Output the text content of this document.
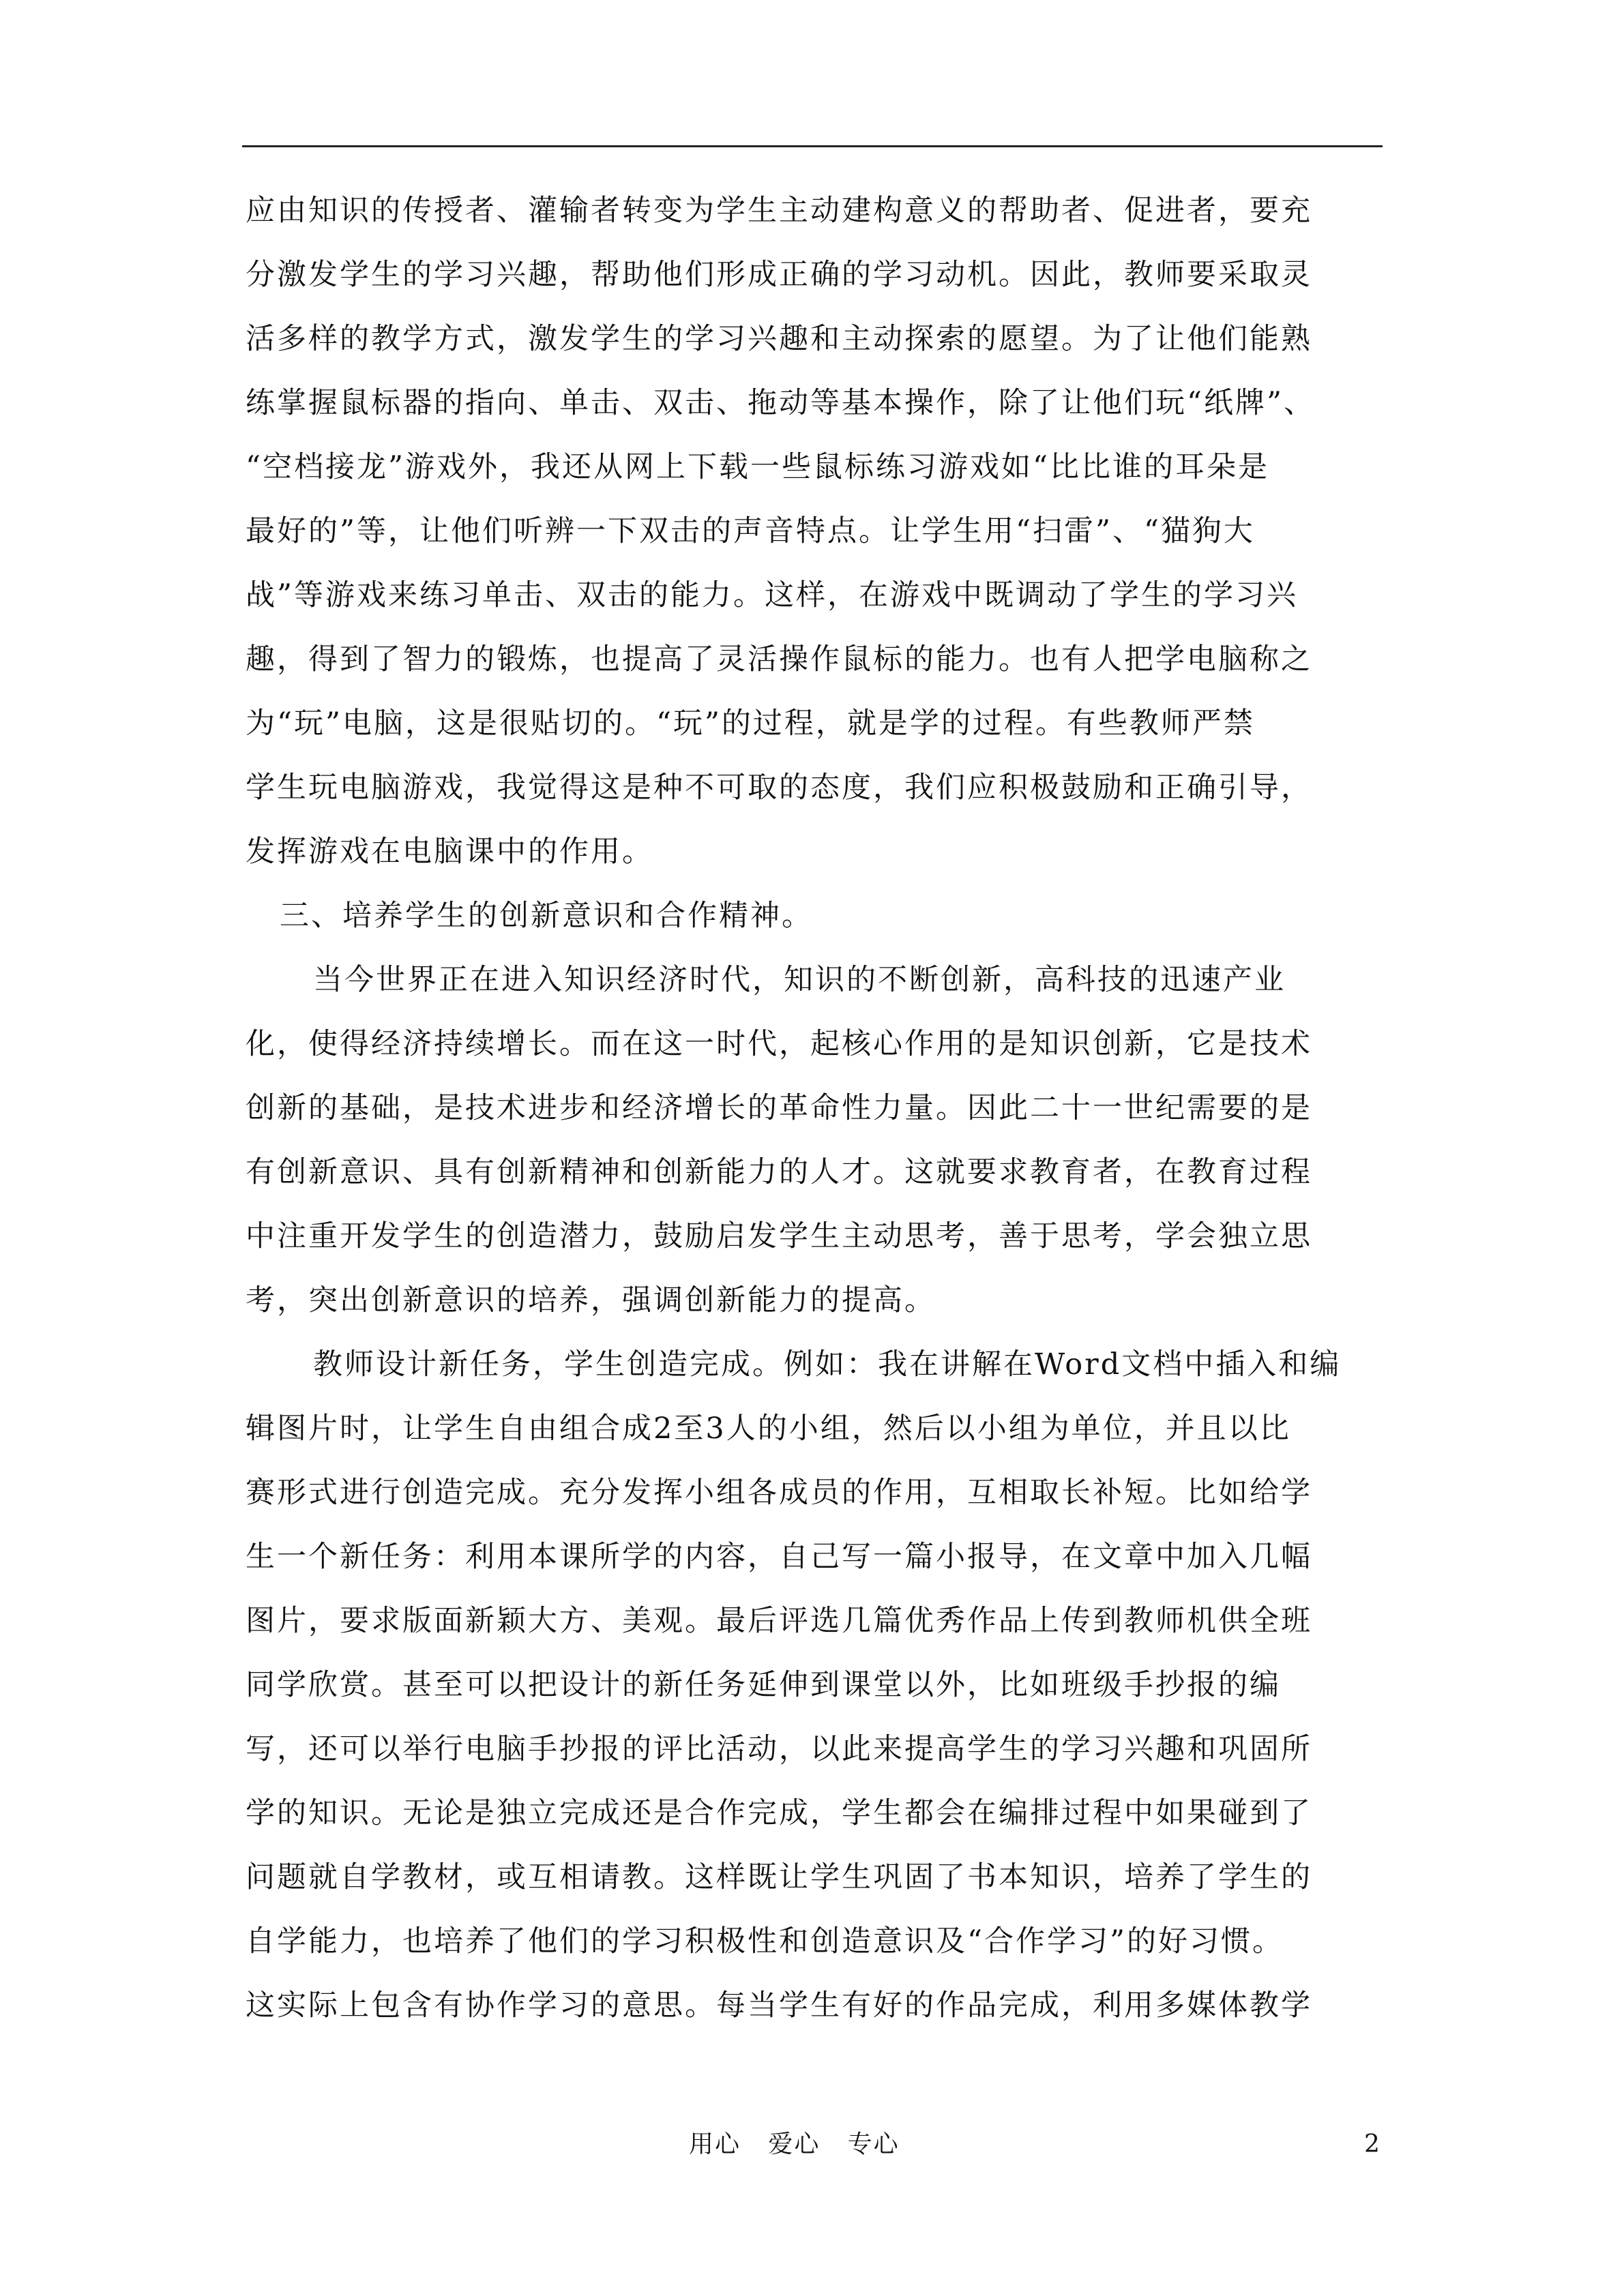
应由知识的传授者、灌输者转变为学生主动建构意义的帮助者、促进者，要充
分激发学生的学习兴趣，帮助他们形成正确的学习动机。因此，教师要采取灵
活多样的教学方式，激发学生的学习兴趣和主动探索的愿望。为了让他们能熟
练掌握鼠标器的指向、单击、双击、拖动等基本操作，除了让他们玩“纸牌”、
“空档接龙”游戏外，我还从网上下载一些鼠标练习游戏如“比比谁的耳朵是
最好的”等，让他们听辨一下双击的声音特点。让学生用“扫雷”、“猫狗大
战”等游戏来练习单击、双击的能力。这样，在游戏中既调动了学生的学习兴
趣，得到了智力的锻炼，也提高了灵活操作鼠标的能力。也有人把学电脑称之
为“玩”电脑，这是很贴切的。“玩”的过程，就是学的过程。有些教师严禁
学生玩电脑游戏，我觉得这是种不可取的态度，我们应积极鼓励和正确引导，
发挥游戏在电脑课中的作用。
三、培养学生的创新意识和合作精神。
当今世界正在进入知识经济时代，知识的不断创新，高科技的迅速产业
化，使得经济持续增长。而在这一时代，起核心作用的是知识创新，它是技术
创新的基础，是技术进步和经济增长的革命性力量。因此二十一世纪需要的是
有创新意识、具有创新精神和创新能力的人才。这就要求教育者，在教育过程
中注重开发学生的创造潜力，鼓励启发学生主动思考，善于思考，学会独立思
考，突出创新意识的培养，强调创新能力的提高。
教师设计新任务，学生创造完成。例如：我在讲解在Word文档中插入和编
辑图片时，让学生自由组合成2至3人的小组，然后以小组为单位，并且以比
赛形式进行创造完成。充分发挥小组各成员的作用，互相取长补短。比如给学
生一个新任务：利用本课所学的内容，自己写一篇小报导，在文章中加入几幅
图片，要求版面新颖大方、美观。最后评选几篇优秀作品上传到教师机供全班
同学欣赏。甚至可以把设计的新任务延伸到课堂以外，比如班级手抄报的编
写，还可以举行电脑手抄报的评比活动，以此来提高学生的学习兴趣和巩固所
学的知识。无论是独立完成还是合作完成，学生都会在编排过程中如果碰到了
问题就自学教材，或互相请教。这样既让学生巩固了书本知识，培养了学生的
自学能力，也培养了他们的学习积极性和创造意识及“合作学习”的好习惯。
这实际上包含有协作学习的意思。每当学生有好的作品完成，利用多媒体教学
用心   爱心   专心	2
